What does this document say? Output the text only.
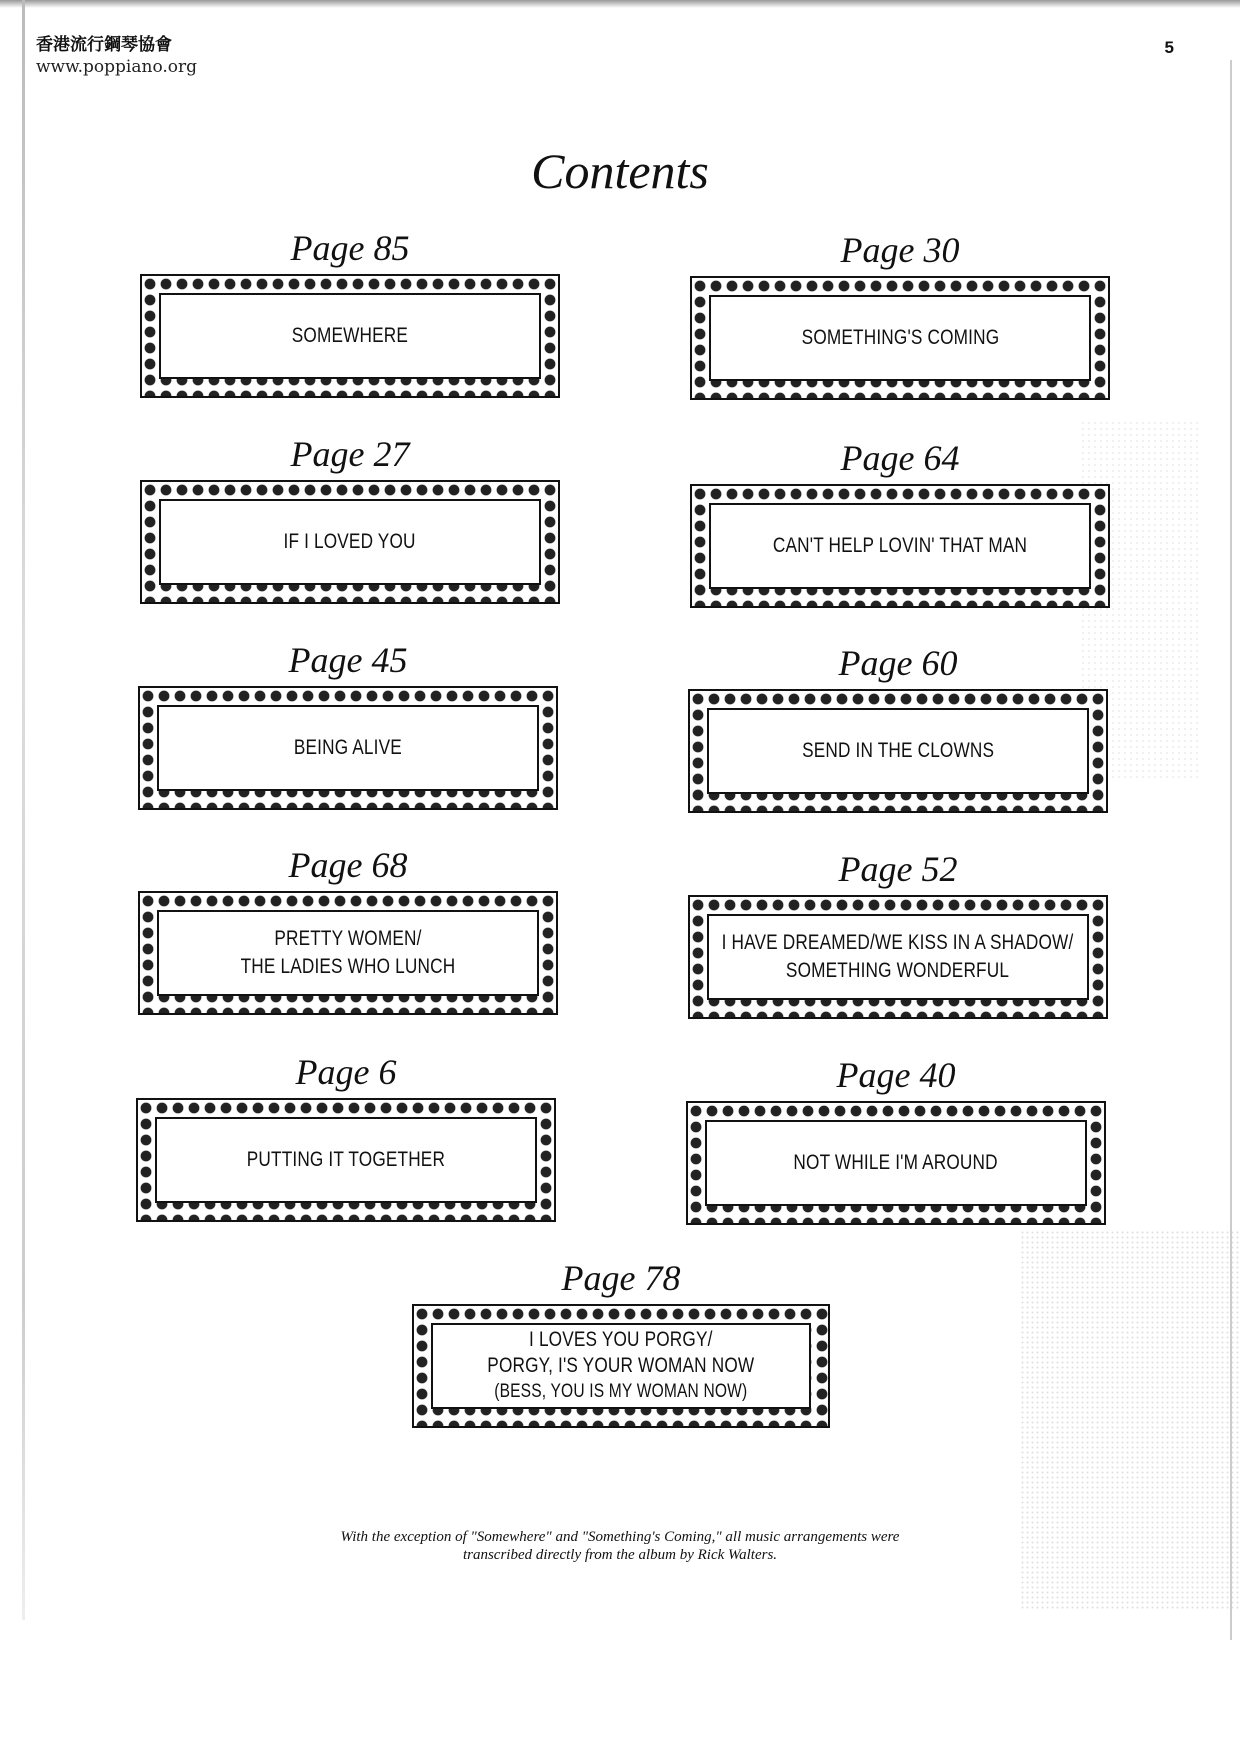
香港流行鋼琴協會
www.poppiano.org
5
Contents
Page 85
SOMEWHERE
Page 30
SOMETHING'S COMING
Page 27
IF I LOVED YOU
Page 64
CAN'T HELP LOVIN' THAT MAN
Page 45
BEING ALIVE
Page 60
SEND IN THE CLOWNS
Page 68
PRETTY WOMEN/
THE LADIES WHO LUNCH
Page 52
I HAVE DREAMED/WE KISS IN A SHADOW/
SOMETHING WONDERFUL
Page 6
PUTTING IT TOGETHER
Page 40
NOT WHILE I'M AROUND
Page 78
I LOVES YOU PORGY/
PORGY, I'S YOUR WOMAN NOW
(BESS, YOU IS MY WOMAN NOW)
With the exception of "Somewhere" and "Something's Coming," all music arrangements were
transcribed directly from the album by Rick Walters.
